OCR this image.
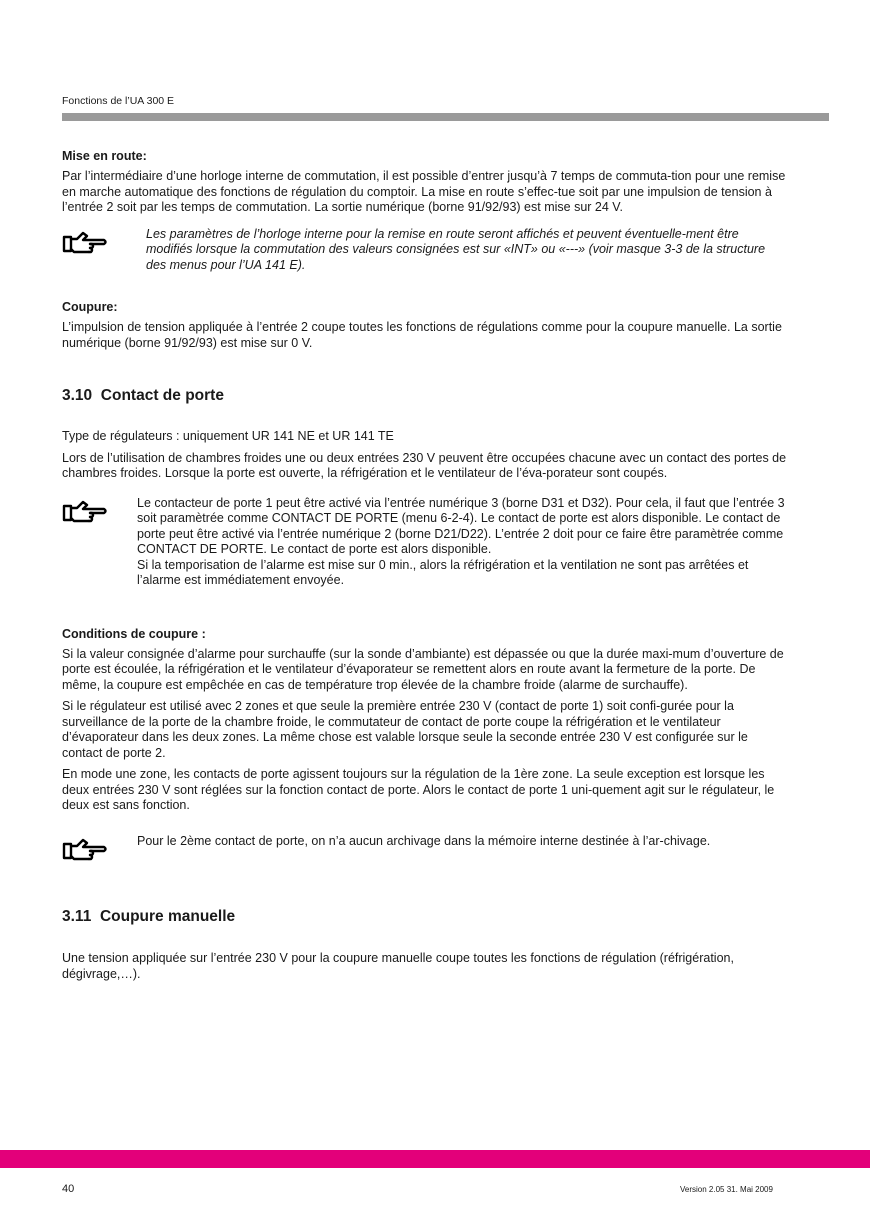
Fonctions de l’UA 300 E
Mise en route:

Par l’intermédiaire d’une horloge interne de commutation, il est possible d’entrer jusqu’à 7 temps de commuta-tion pour une remise en marche automatique des fonctions de régulation du comptoir. La mise en route s’effec-tue soit par une impulsion de tension à l’entrée 2 soit par les temps de commutation. La sortie numérique (borne 91/92/93) est mise sur 24 V.

Les paramètres de l’horloge interne pour la remise en route seront affichés et peuvent éventuelle-ment être modifiés lorsque la commutation des valeurs consignées est sur «INT» ou «---» (voir masque 3-3 de la structure des menus pour l’UA 141 E).

Coupure:

L’impulsion de tension appliquée à l’entrée 2 coupe toutes les fonctions de régulations comme pour la coupure manuelle. La sortie numérique (borne 91/92/93) est mise sur 0 V.

3.10 Contact de porte

Type de régulateurs : uniquement UR 141 NE et UR 141 TE

Lors de l’utilisation de chambres froides une ou deux entrées 230 V peuvent être occupées chacune avec un contact des portes de chambres froides. Lorsque la porte est ouverte, la réfrigération et le ventilateur de l’éva-porateur sont coupés.

Le contacteur de porte 1 peut être activé via l’entrée numérique 3 (borne D31 et D32). Pour cela, il faut que l’entrée 3 soit paramètrée comme CONTACT DE PORTE (menu 6-2-4). Le contact de porte est alors disponible. Le contact de porte peut être activé via l’entrée numérique 2 (borne D21/D22). L’entrée 2 doit pour ce faire être paramètrée comme CONTACT DE PORTE. Le contact de porte est alors disponible.

Si la temporisation de l’alarme est mise sur 0 min., alors la réfrigération et la ventilation ne sont pas arrêtées et l’alarme est immédiatement envoyée.

Conditions de coupure :

Si la valeur consignée d’alarme pour surchauffe (sur la sonde d’ambiante) est dépassée ou que la durée maxi-mum d’ouverture de porte est écoulée, la réfrigération et le ventilateur d’évaporateur se remettent alors en route avant la fermeture de la porte. De même, la coupure est empêchée en cas de température trop élevée de la chambre froide (alarme de surchauffe).

Si le régulateur est utilisé avec 2 zones et que seule la première entrée 230 V (contact de porte 1) soit confi-gurée pour la surveillance de la porte de la chambre froide, le commutateur de contact de porte coupe la réfrigération et le ventilateur d’évaporateur dans les deux zones. La même chose est valable lorsque seule la seconde entrée 230 V est configurée sur le contact de porte 2.

En mode une zone, les contacts de porte agissent toujours sur la régulation de la 1ère zone. La seule exception est lorsque les deux entrées 230 V sont réglées sur la fonction contact de porte. Alors le contact de porte 1 uni-quement agit sur le régulateur, le deux est sans fonction.

Pour le 2ème contact de porte, on n’a aucun archivage dans la mémoire interne destinée à l’ar-chivage.

3.11 Coupure manuelle

Une tension appliquée sur l’entrée 230 V pour la coupure manuelle coupe toutes les fonctions de régulation (réfrigération, dégivrage,…).

40	Version 2.05 31. Mai 2009
